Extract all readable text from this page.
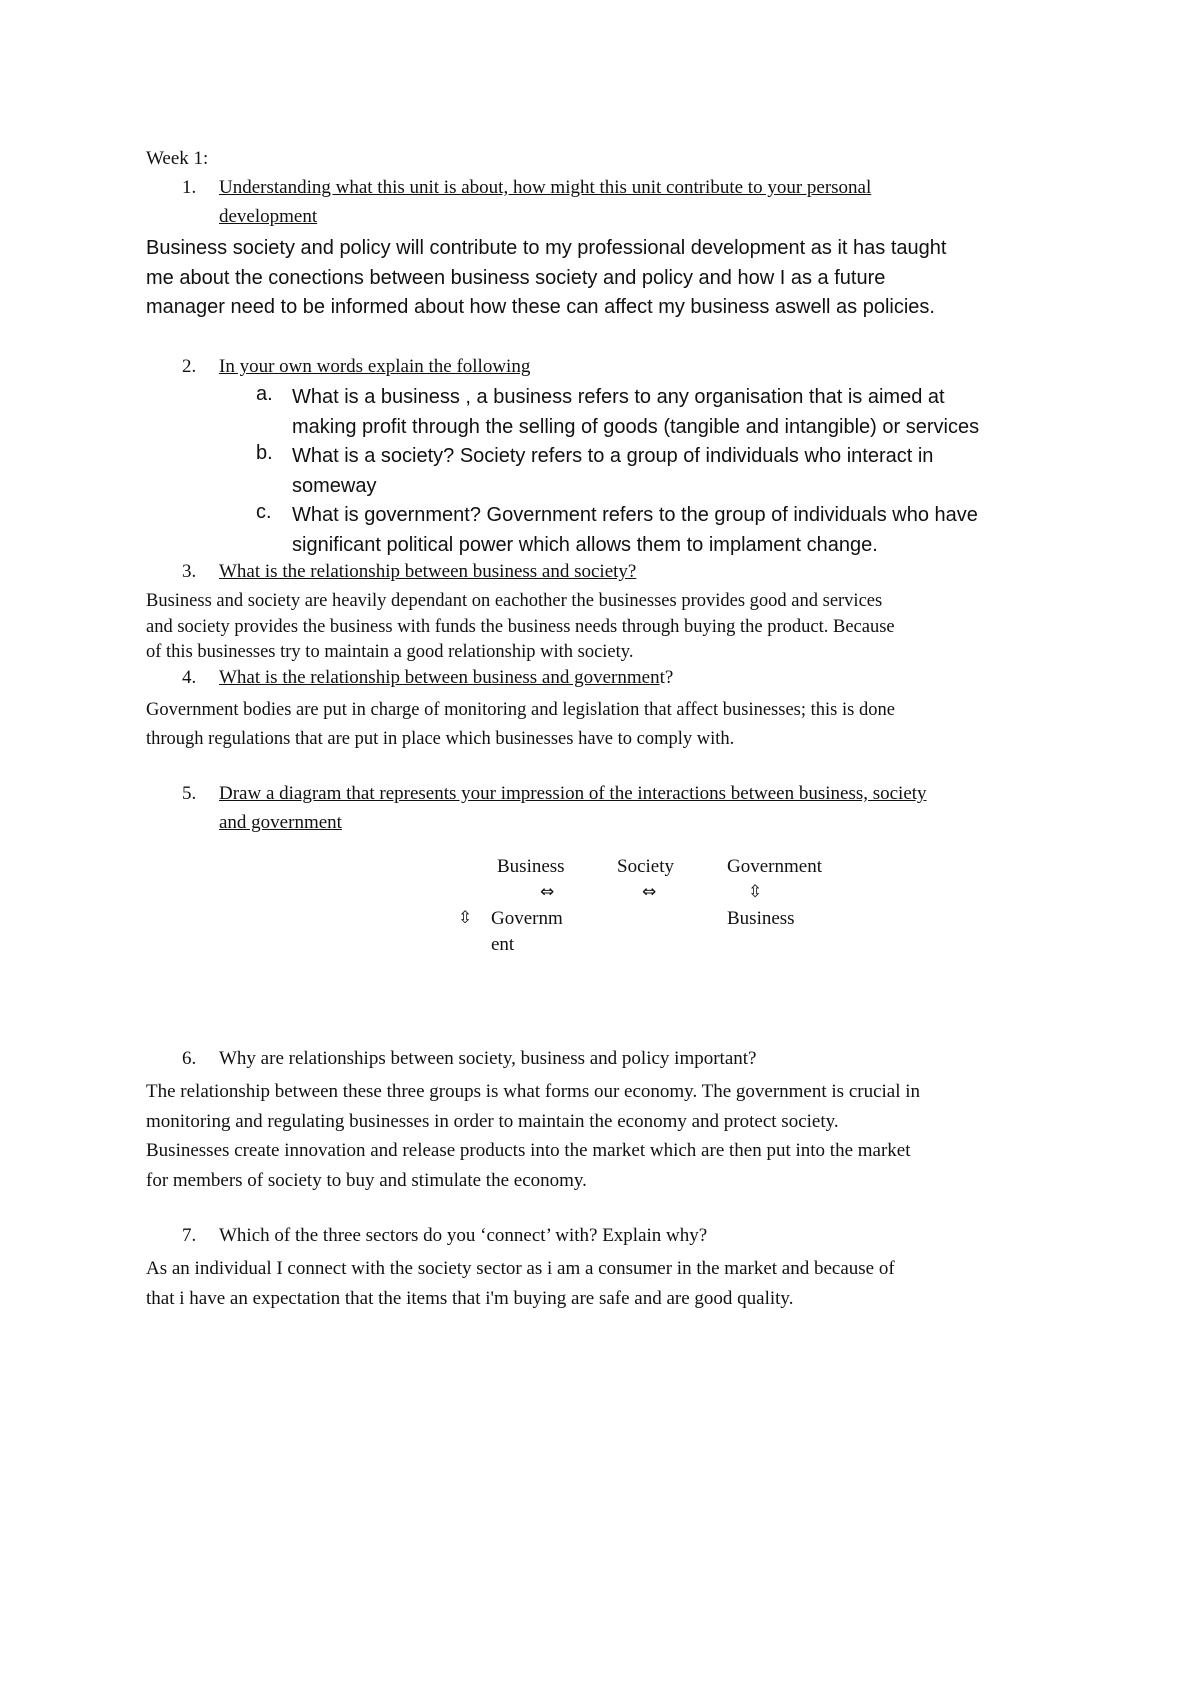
Week 1:
1. Understanding what this unit is about, how might this unit contribute to your personal
development
Business society and policy will contribute to my professional development as it has taught
me about the conections between business society and policy and how I as a future
manager need to be informed about how these can affect my business aswell as policies.
2. In your own words explain the following
a. What is a business , a business refers to any organisation that is aimed at
making profit through the selling of goods (tangible and intangible) or services
b. What is a society? Society refers to a group of individuals who interact in
someway
c. What is government? Government refers to the group of individuals who have
significant political power which allows them to implament change.
3. What is the relationship between business and society?
Business and society are heavily dependant on eachother the businesses provides good and services
and society provides the business with funds the business needs through buying the product. Because
of this businesses try to maintain a good relationship with society.
4. What is the relationship between business and government?
Government bodies are put in charge of monitoring and legislation that affect businesses; this is done
through regulations that are put in place which businesses have to comply with.
5. Draw a diagram that represents your impression of the interactions between business, society
and government
Business	Society	Government
⇔	⇔	⇳
⇳ Governm
ent
Business
6. Why are relationships between society, business and policy important?
The relationship between these three groups is what forms our economy. The government is crucial in
monitoring and regulating businesses in order to maintain the economy and protect society.
Businesses create innovation and release products into the market which are then put into the market
for members of society to buy and stimulate the economy.
7. Which of the three sectors do you ‘connect’ with? Explain why?
As an individual I connect with the society sector as i am a consumer in the market and because of
that i have an expectation that the items that i'm buying are safe and are good quality.
